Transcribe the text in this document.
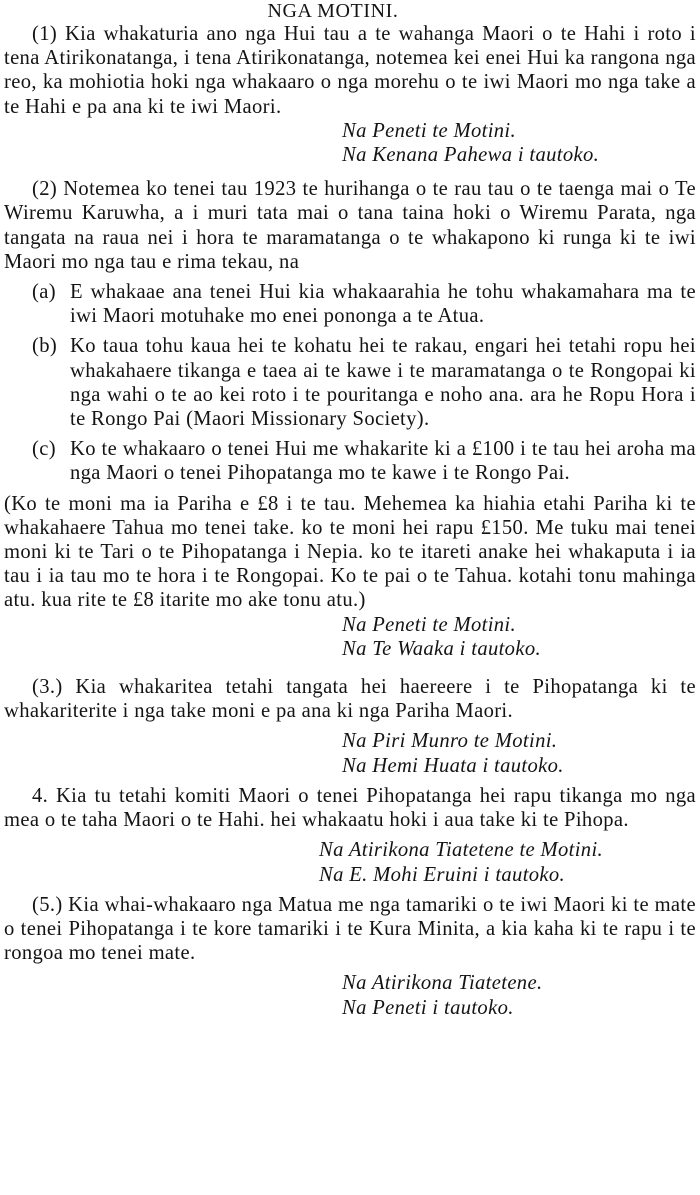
NGA MOTINI.

(1) Kia whakaturia ano nga Hui tau a te wahanga Maori o te Hahi i roto i tena Atirikonatanga, i tena Atirikonatanga, notemea kei enei Hui ka rangona nga reo, ka mohiotia hoki nga whakaaro o nga morehu o te iwi Maori mo nga take a te Hahi e pa ana ki te iwi Maori.

Na Peneti te Motini.

Na Kenana Pahewa i tautoko.

(2) Notemea ko tenei tau 1923 te hurihanga o te rau tau o te taenga mai o Te Wiremu Karuwha, a i muri tata mai o tana taina hoki o Wiremu Parata, nga tangata na raua nei i hora te maramatanga o te whakapono ki runga ki te iwi Maori mo nga tau e rima tekau, na

(a) E whakaae ana tenei Hui kia whakaarahia he tohu whakamahara ma te iwi Maori motuhake mo enei pononga a te Atua.
(b) Ko taua tohu kaua hei te kohatu hei te rakau, engari hei tetahi ropu hei whakahaere tikanga e taea ai te kawe i te maramatanga o te Rongopai ki nga wahi o te ao kei roto i te pouritanga e noho ana. ara he Ropu Hora i te Rongo Pai (Maori Missionary Society).
(c) Ko te whakaaro o tenei Hui me whakarite ki a £100 i te tau hei aroha ma nga Maori o tenei Pihopatanga mo te kawe i te Rongo Pai.

(Ko te moni ma ia Pariha e £8 i te tau. Mehemea ka hiahia etahi Pariha ki te whakahaere Tahua mo tenei take. ko te moni hei rapu £150. Me tuku mai tenei moni ki te Tari o te Pihopatanga i Nepia. ko te itareti anake hei whakaputa i ia tau i ia tau mo te hora i te Rongopai. Ko te pai o te Tahua. kotahi tonu mahinga atu. kua rite te £8 itarite mo ake tonu atu.)

Na Peneti te Motini.

Na Te Waaka i tautoko.

(3.) Kia whakaritea tetahi tangata hei haereere i te Pihopatanga ki te whakariterite i nga take moni e pa ana ki nga Pariha Maori.

Na Piri Munro te Motini.

Na Hemi Huata i tautoko.

4. Kia tu tetahi komiti Maori o tenei Pihopatanga hei rapu tikanga mo nga mea o te taha Maori o te Hahi. hei whakaatu hoki i aua take ki te Pihopa.

Na Atirikona Tiatetene te Motini.

Na E. Mohi Eruini i tautoko.

(5.) Kia whai-whakaaro nga Matua me nga tamariki o te iwi Maori ki te mate o tenei Pihopatanga i te kore tamariki i te Kura Minita, a kia kaha ki te rapu i te rongoa mo tenei mate.

Na Atirikona Tiatetene.

Na Peneti i tautoko.
